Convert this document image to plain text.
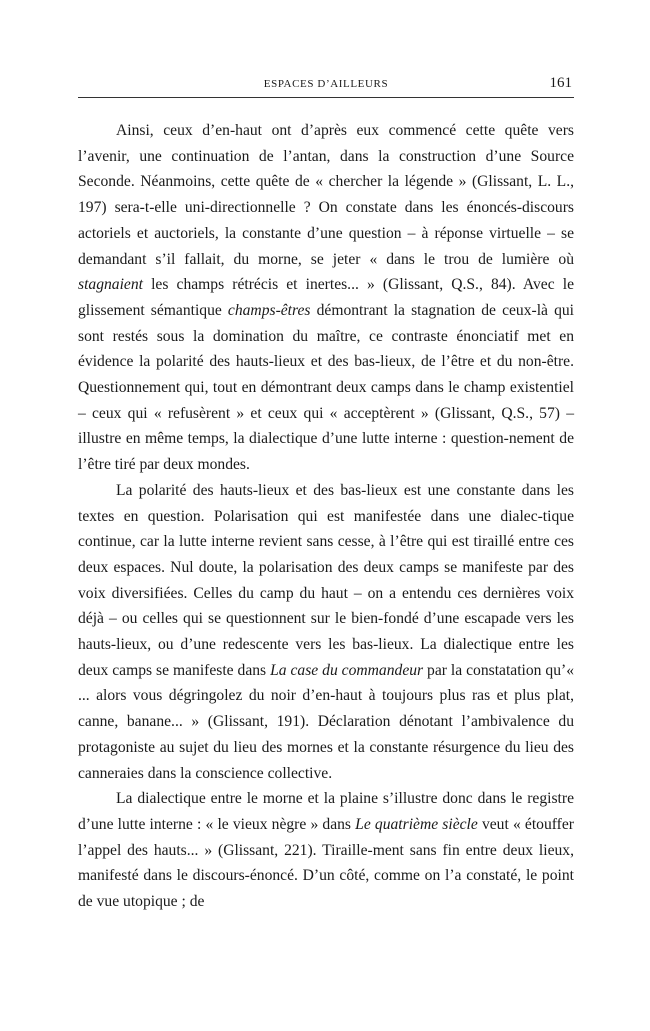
ESPACES D’AILLEURS	161

Ainsi, ceux d’en-haut ont d’après eux commencé cette quête vers l’avenir, une continuation de l’antan, dans la construction d’une Source Seconde. Néanmoins, cette quête de « chercher la légende » (Glissant, L. L., 197) sera-t-elle uni-directionnelle ? On constate dans les énoncés-discours actoriels et auctoriels, la constante d’une question – à réponse virtuelle – se demandant s’il fallait, du morne, se jeter « dans le trou de lumière où stagnaient les champs rétrécis et inertes... » (Glissant, Q.S., 84). Avec le glissement sémantique champs-êtres démontrant la stagnation de ceux-là qui sont restés sous la domination du maître, ce contraste énonciatif met en évidence la polarité des hauts-lieux et des bas-lieux, de l’être et du non-être. Questionnement qui, tout en démontrant deux camps dans le champ existentiel – ceux qui « refusèrent » et ceux qui « acceptèrent » (Glissant, Q.S., 57) – illustre en même temps, la dialectique d’une lutte interne : question-nement de l’être tiré par deux mondes.

La polarité des hauts-lieux et des bas-lieux est une constante dans les textes en question. Polarisation qui est manifestée dans une dialec-tique continue, car la lutte interne revient sans cesse, à l’être qui est tiraillé entre ces deux espaces. Nul doute, la polarisation des deux camps se manifeste par des voix diversifiées. Celles du camp du haut – on a entendu ces dernières voix déjà – ou celles qui se questionnent sur le bien-fondé d’une escapade vers les hauts-lieux, ou d’une redescente vers les bas-lieux. La dialectique entre les deux camps se manifeste dans La case du commandeur par la constatation qu’« ... alors vous dégringolez du noir d’en-haut à toujours plus ras et plus plat, canne, banane... » (Glissant, 191). Déclaration dénotant l’ambivalence du protagoniste au sujet du lieu des mornes et la constante résurgence du lieu des canneraies dans la conscience collective.

La dialectique entre le morne et la plaine s’illustre donc dans le registre d’une lutte interne : « le vieux nègre » dans Le quatrième siècle veut « étouffer l’appel des hauts... » (Glissant, 221). Tiraille-ment sans fin entre deux lieux, manifesté dans le discours-énoncé. D’un côté, comme on l’a constaté, le point de vue utopique ; de
